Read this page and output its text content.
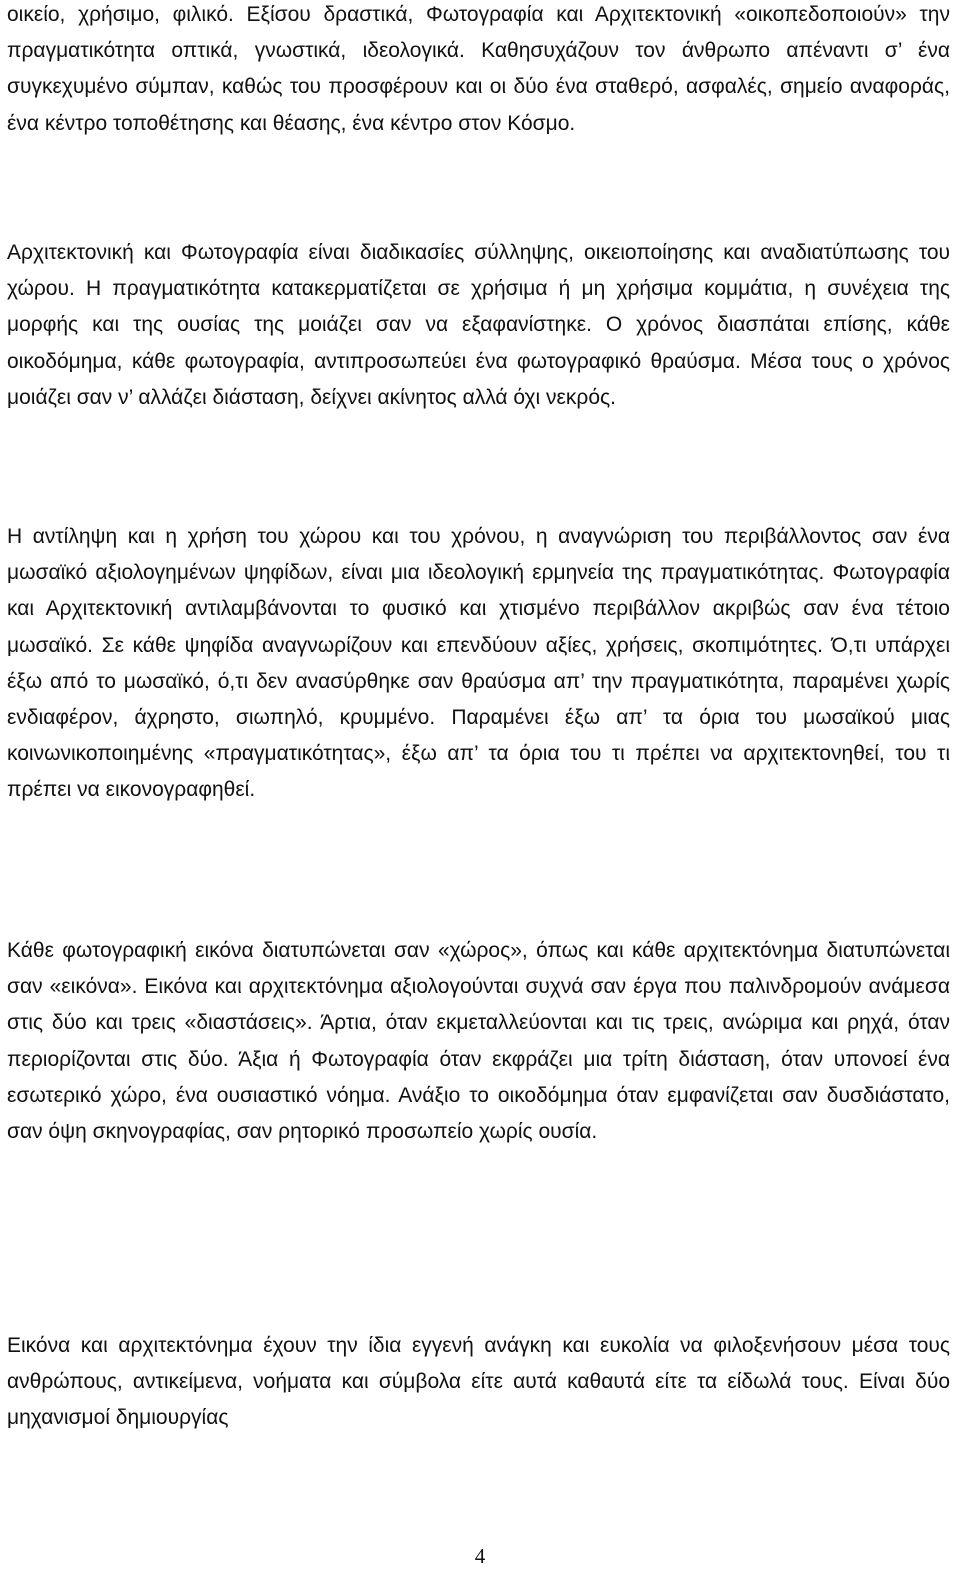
οικείο, χρήσιμο, φιλικό. Εξίσου δραστικά, Φωτογραφία και Αρχιτεκτονική «οικοπεδοποιούν» την πραγματικότητα οπτικά, γνωστικά, ιδεολογικά. Καθησυχάζουν τον άνθρωπο απέναντι σ’ ένα συγκεχυμένο σύμπαν, καθώς του προσφέρουν και οι δύο ένα σταθερό, ασφαλές, σημείο αναφοράς, ένα κέντρο τοποθέτησης και θέασης, ένα κέντρο στον Κόσμο.

Αρχιτεκτονική και Φωτογραφία είναι διαδικασίες σύλληψης, οικειοποίησης και αναδιατύπωσης του χώρου. Η πραγματικότητα κατακερματίζεται σε χρήσιμα ή μη χρήσιμα κομμάτια, η συνέχεια της μορφής και της ουσίας της μοιάζει σαν να εξαφανίστηκε. Ο χρόνος διασπάται επίσης, κάθε οικοδόμημα, κάθε φωτογραφία, αντιπροσωπεύει ένα φωτογραφικό θραύσμα. Μέσα τους ο χρόνος μοιάζει σαν ν’ αλλάζει διάσταση, δείχνει ακίνητος αλλά όχι νεκρός.

Η αντίληψη και η χρήση του χώρου και του χρόνου, η αναγνώριση του περιβάλλοντος σαν ένα μωσαϊκό αξιολογημένων ψηφίδων, είναι μια ιδεολογική ερμηνεία της πραγματικότητας. Φωτογραφία και Αρχιτεκτονική αντιλαμβάνονται το φυσικό και χτισμένο περιβάλλον ακριβώς σαν ένα τέτοιο μωσαϊκό. Σε κάθε ψηφίδα αναγνωρίζουν και επενδύουν αξίες, χρήσεις, σκοπιμότητες. Ό,τι υπάρχει έξω από το μωσαϊκό, ό,τι δεν ανασύρθηκε σαν θραύσμα απ’ την πραγματικότητα, παραμένει χωρίς ενδιαφέρον, άχρηστο, σιωπηλό, κρυμμένο. Παραμένει έξω απ’ τα όρια του μωσαϊκού μιας κοινωνικοποιημένης «πραγματικότητας», έξω απ’ τα όρια του τι πρέπει να αρχιτεκτονηθεί, του τι πρέπει να εικονογραφηθεί.

Κάθε φωτογραφική εικόνα διατυπώνεται σαν «χώρος», όπως και κάθε αρχιτεκτόνημα διατυπώνεται σαν «εικόνα». Εικόνα και αρχιτεκτόνημα αξιολογούνται συχνά σαν έργα που παλινδρομούν ανάμεσα στις δύο και τρεις «διαστάσεις». Άρτια, όταν εκμεταλλεύονται και τις τρεις, ανώριμα και ρηχά, όταν περιορίζονται στις δύο. Άξια ή Φωτογραφία όταν εκφράζει μια τρίτη διάσταση, όταν υπονοεί ένα εσωτερικό χώρο, ένα ουσιαστικό νόημα. Ανάξιο το οικοδόμημα όταν εμφανίζεται σαν δυσδιάστατο, σαν όψη σκηνογραφίας, σαν ρητορικό προσωπείο χωρίς ουσία.

Εικόνα και αρχιτεκτόνημα έχουν την ίδια εγγενή ανάγκη και ευκολία να φιλοξενήσουν μέσα τους ανθρώπους, αντικείμενα, νοήματα και σύμβολα είτε αυτά καθαυτά είτε τα είδωλά τους. Είναι δύο μηχανισμοί δημιουργίας

4
